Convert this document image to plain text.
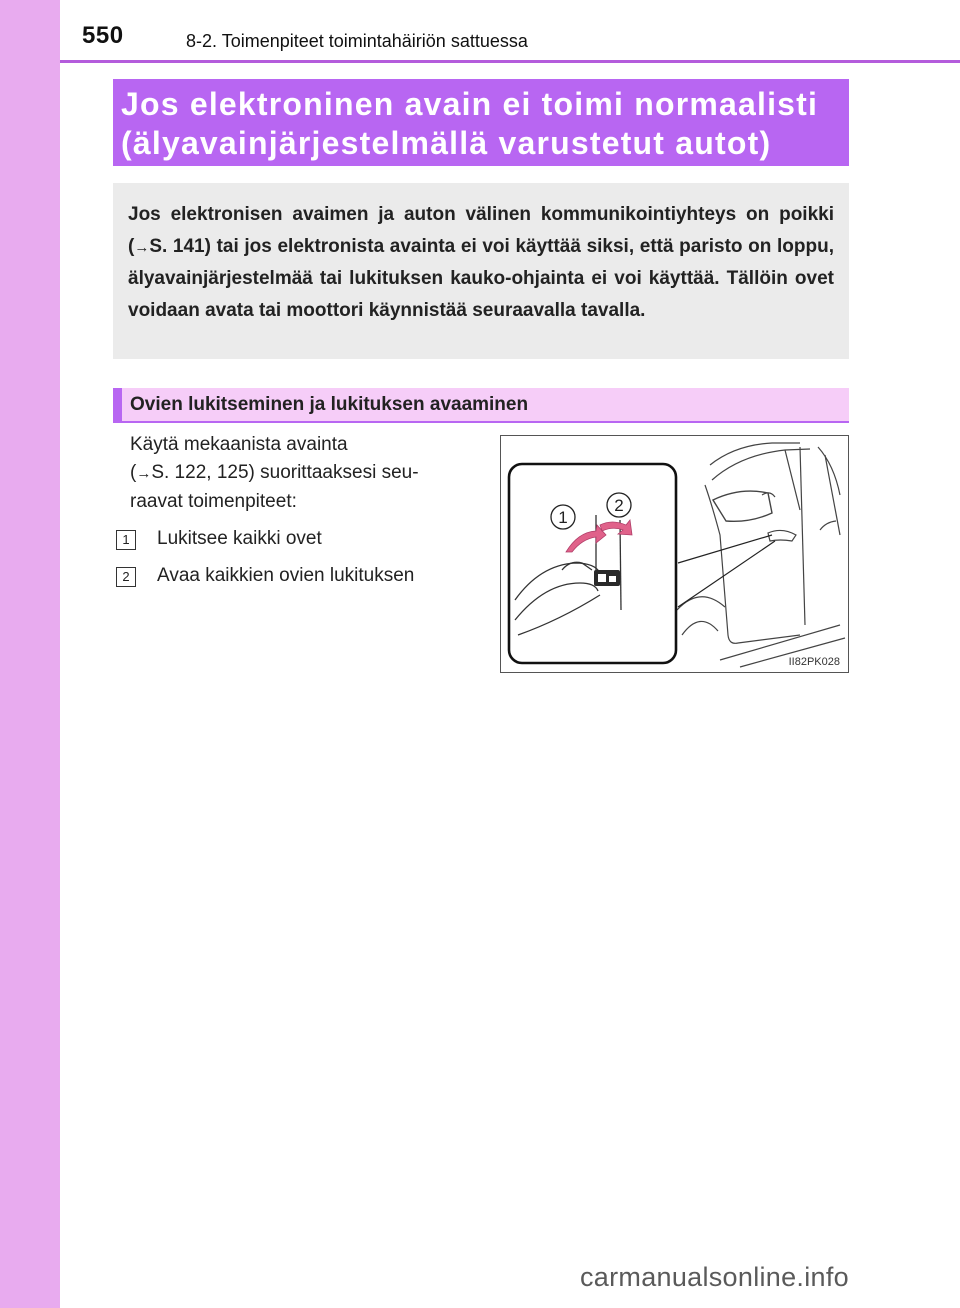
550	8-2. Toimenpiteet toimintahäiriön sattuessa
Jos elektroninen avain ei toimi normaalisti
(älyavainjärjestelmällä varustetut autot)

Jos elektronisen avaimen ja auton välinen kommunikointiyhteys on poikki (→S. 141) tai jos elektronista avainta ei voi käyttää siksi, että paristo on loppu, älyavainjärjestelmää tai lukituksen kauko-ohjainta ei voi käyttää. Tällöin ovet voidaan avata tai moottori käynnistää seuraavalla tavalla.

Ovien lukitseminen ja lukituksen avaaminen
Käytä mekaanista avainta
(→S. 122, 125) suorittaaksesi seu-
raavat toimenpiteet:
1	Lukitsee kaikki ovet
2	Avaa kaikkien ovien lukituksen
1
2
II82PK028
carmanualsonline.info
